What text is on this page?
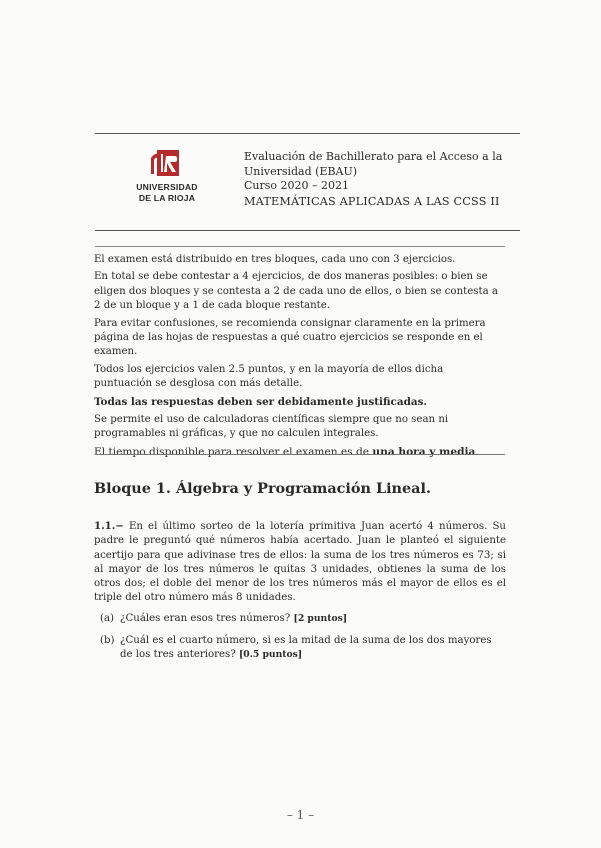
UNIVERSIDAD
DE LA RIOJA
Evaluación de Bachillerato para el Acceso a la
Universidad (EBAU)
Curso 2020 – 2021
MATEMÁTICAS APLICADAS A LAS CCSS II

El examen está distribuido en tres bloques, cada uno con 3 ejercicios.

En total se debe contestar a 4 ejercicios, de dos maneras posibles: o bien se eligen dos bloques y se contesta a 2 de cada uno de ellos, o bien se contesta a 2 de un bloque y a 1 de cada bloque restante.

Para evitar confusiones, se recomienda consignar claramente en la primera página de las hojas de respuestas a qué cuatro ejercicios se responde en el examen.

Todos los ejercicios valen 2.5 puntos, y en la mayoría de ellos dicha puntuación se desglosa con más detalle.

Todas las respuestas deben ser debidamente justificadas.

Se permite el uso de calculadoras científicas siempre que no sean ni programables ni gráficas, y que no calculen integrales.

El tiempo disponible para resolver el examen es de una hora y media.

Bloque 1. Álgebra y Programación Lineal.
1.1.− En el último sorteo de la lotería primitiva Juan acertó 4 números. Su padre le preguntó qué números había acertado. Juan le planteó el siguiente acertijo para que adivinase tres de ellos: la suma de los tres números es 73; si al mayor de los tres números le quitas 3 unidades, obtienes la suma de los otros dos; el doble del menor de los tres números más el mayor de ellos es el triple del otro número más 8 unidades.
(a) ¿Cuáles eran esos tres números? [2 puntos]
(b) ¿Cuál es el cuarto número, si es la mitad de la suma de los dos mayores de los tres anteriores? [0.5 puntos]
– 1 –
